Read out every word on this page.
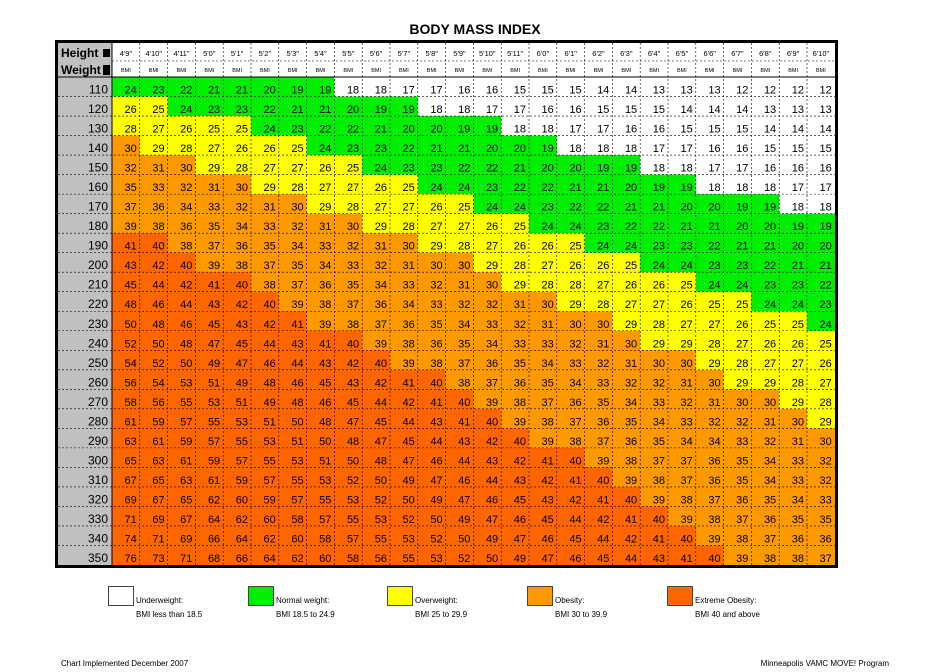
BODY MASS INDEX
Height
Weight
4'9"
BMI
4'10"
BMI
4'11"
BMI
5'0"
BMI
5'1"
BMI
5'2"
BMI
5'3"
BMI
5'4"
BMI
5'5"
BMI
5'6"
BMI
5'7"
BMI
5'8"
BMI
5'9"
BMI
5'10"
BMI
5'11"
BMI
6'0"
BMI
6'1"
BMI
6'2"
BMI
6'3"
BMI
6'4"
BMI
6'5"
BMI
6'6"
BMI
6'7"
BMI
6'8"
BMI
6'9"
BMI
6'10"
BMI
110 24 23 22 21 21 20 19 19 18 18 17 17 16 16 15 15 15 14 14 13 13 13 12 12 12 12
120 26 25 24 23 23 22 21 21 20 19 19 18 18 17 17 16 16 15 15 15 14 14 14 13 13 13
130 28 27 26 25 25 24 23 22 22 21 20 20 19 19 18 18 17 17 16 16 15 15 15 14 14 14
140 30 29 28 27 26 26 25 24 23 23 22 21 21 20 20 19 18 18 18 17 17 16 16 15 15 15
150 32 31 30 29 28 27 27 26 25 24 23 23 22 22 21 20 20 19 19 18 18 17 17 16 16 16
160 35 33 32 31 30 29 28 27 27 26 25 24 24 23 22 22 21 21 20 19 19 18 18 18 17 17
170 37 36 34 33 32 31 30 29 28 27 27 26 25 24 24 23 22 22 21 21 20 20 19 19 18 18
180 39 38 36 35 34 33 32 31 30 29 28 27 27 26 25 24 24 23 22 22 21 21 20 20 19 19
190 41 40 38 37 36 35 34 33 32 31 30 29 28 27 26 26 25 24 24 23 23 22 21 21 20 20
200 43 42 40 39 38 37 35 34 33 32 31 30 30 29 28 27 26 26 25 24 24 23 23 22 21 21
210 45 44 42 41 40 38 37 36 35 34 33 32 31 30 29 28 28 27 26 26 25 24 24 23 23 22
220 48 46 44 43 42 40 39 38 37 36 34 33 32 32 31 30 29 28 27 27 26 25 25 24 24 23
230 50 48 46 45 43 42 41 39 38 37 36 35 34 33 32 31 30 30 29 28 27 27 26 25 25 24
240 52 50 48 47 45 44 43 41 40 39 38 36 35 34 33 33 32 31 30 29 29 28 27 26 26 25
250 54 52 50 49 47 46 44 43 42 40 39 38 37 36 35 34 33 32 31 30 30 29 28 27 27 26
260 56 54 53 51 49 48 46 45 43 42 41 40 38 37 36 35 34 33 32 32 31 30 29 29 28 27
270 58 56 55 53 51 49 48 46 45 44 42 41 40 39 38 37 36 35 34 33 32 31 30 30 29 28
280 61 59 57 55 53 51 50 48 47 45 44 43 41 40 39 38 37 36 35 34 33 32 32 31 30 29
290 63 61 59 57 55 53 51 50 48 47 45 44 43 42 40 39 38 37 36 35 34 34 33 32 31 30
300 65 63 61 59 57 55 53 51 50 48 47 46 44 43 42 41 40 39 38 37 37 36 35 34 33 32
310 67 65 63 61 59 57 55 53 52 50 49 47 46 44 43 42 41 40 39 38 37 36 35 34 33 32
320 69 67 65 62 60 59 57 55 53 52 50 49 47 46 45 43 42 41 40 39 38 37 36 35 34 33
330 71 69 67 64 62 60 58 57 55 53 52 50 49 47 46 45 44 42 41 40 39 38 37 36 35 35
340 74 71 69 66 64 62 60 58 57 55 53 52 50 49 47 46 45 44 42 41 40 39 38 37 36 36
350 76 73 71 68 66 64 62 60 58 56 55 53 52 50 49 47 46 45 44 43 41 40 39 38 38 37
Underweight:
BMI less than 18.5
Normal weight:
BMI 18.5 to 24.9
Overweight:
BMI 25 to 29.9
Obesity:
BMI 30 to 39.9
Extreme Obesity:
BMI 40 and above
Chart Implemented December 2007	Minneapolis VAMC MOVE! Program
